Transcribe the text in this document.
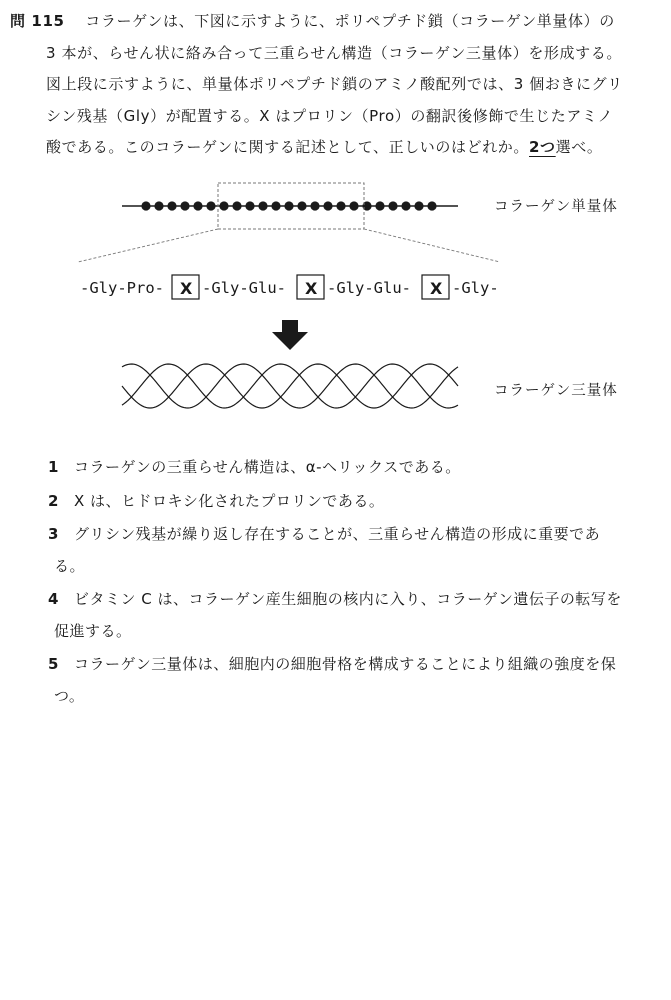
問 115 コラーゲンは、下図に示すように、ポリペプチド鎖（コラーゲン単量体）の
3 本が、らせん状に絡み合って三重らせん構造（コラーゲン三量体）を形成する。
図上段に示すように、単量体ポリペプチド鎖のアミノ酸配列では、3 個おきにグリ
シン残基（Gly）が配置する。X はプロリン（Pro）の翻訳後修飾で生じたアミノ
酸である。このコラーゲンに関する記述として、正しいのはどれか。2つ選べ。
コラーゲン単量体
-Gly-Pro- X -Gly-Glu- X -Gly-Glu- X -Gly-
コラーゲン三量体
1 コラーゲンの三重らせん構造は、α-ヘリックスである。
2 X は、ヒドロキシ化されたプロリンである。
3 グリシン残基が繰り返し存在することが、三重らせん構造の形成に重要であ
る。
4 ビタミン C は、コラーゲン産生細胞の核内に入り、コラーゲン遺伝子の転写を
促進する。
5 コラーゲン三量体は、細胞内の細胞骨格を構成することにより組織の強度を保
つ。
